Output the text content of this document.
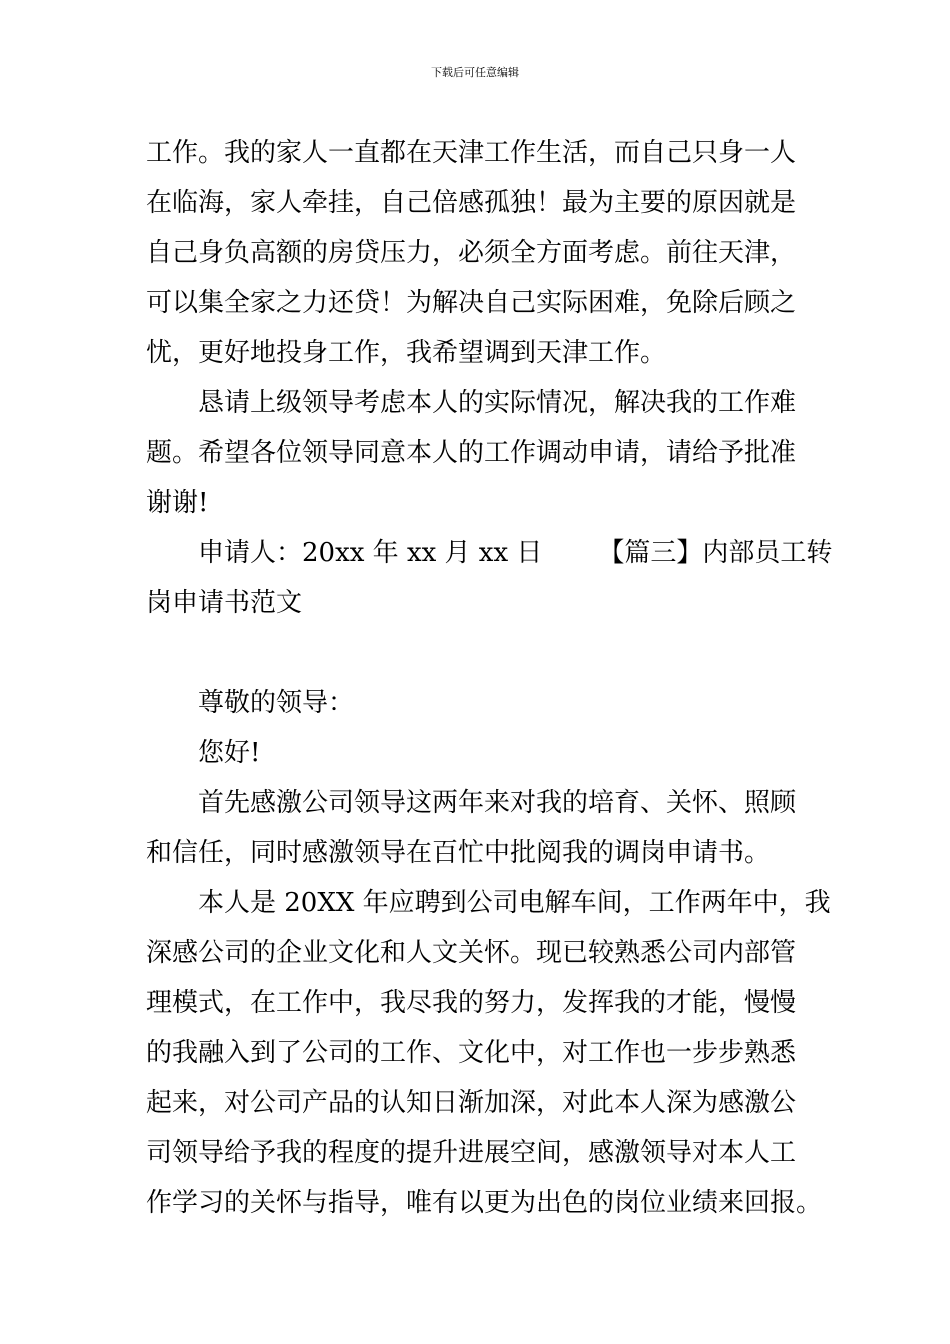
下载后可任意编辑
工作。我的家人一直都在天津工作生活，而自己只身一人
在临海，家人牵挂，自己倍感孤独！最为主要的原因就是
自己身负高额的房贷压力，必须全方面考虑。前往天津，
可以集全家之力还贷！为解决自己实际困难，免除后顾之
忧，更好地投身工作，我希望调到天津工作。
恳请上级领导考虑本人的实际情况，解决我的工作难
题。希望各位领导同意本人的工作调动申请，请给予批准
谢谢!
申请人：20xx 年 xx 月 xx 日 【篇三】内部员工转
岗申请书范文
尊敬的领导：
您好!
首先感激公司领导这两年来对我的培育、关怀、照顾
和信任，同时感激领导在百忙中批阅我的调岗申请书。
本人是 20XX 年应聘到公司电解车间，工作两年中，我
深感公司的企业文化和人文关怀。现已较熟悉公司内部管
理模式，在工作中，我尽我的努力，发挥我的才能，慢慢
的我融入到了公司的工作、文化中，对工作也一步步熟悉
起来，对公司产品的认知日渐加深，对此本人深为感激公
司领导给予我的程度的提升进展空间，感激领导对本人工
作学习的关怀与指导，唯有以更为出色的岗位业绩来回报。
